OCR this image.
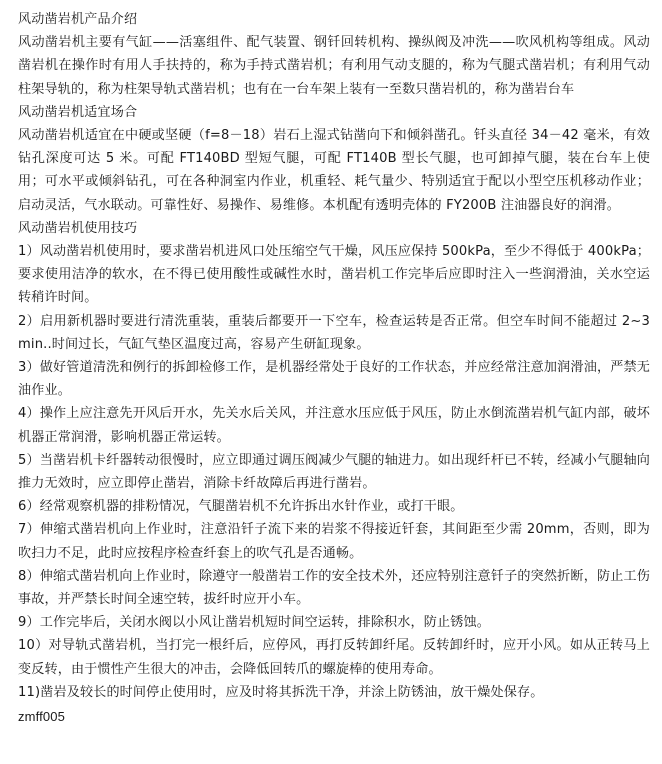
风动凿岩机产品介绍

风动凿岩机主要有气缸——活塞组件、配气装置、钢钎回转机构、操纵阀及冲洗——吹风机构等组成。风动凿岩机在操作时有用人手扶持的，称为手持式凿岩机；有利用气动支腿的，称为气腿式凿岩机；有利用气动柱架导轨的，称为柱架导轨式凿岩机；也有在一台车架上装有一至数只凿岩机的，称为凿岩台车

风动凿岩机适宜场合

风动凿岩机适宜在中硬或坚硬（f=8－18）岩石上湿式钻凿向下和倾斜凿孔。钎头直径 34－42 毫米，有效钻孔深度可达 5 米。可配 FT140BD 型短气腿，可配 FT140B 型长气腿，也可卸掉气腿，装在台车上使用；可水平或倾斜钻孔，可在各种洞室内作业，机重轻、耗气量少、特别适宜于配以小型空压机移动作业；启动灵活，气水联动。可靠性好、易操作、易维修。本机配有透明壳体的 FY200B 注油器良好的润滑。

风动凿岩机使用技巧

1）风动凿岩机使用时，要求凿岩机进风口处压缩空气干燥，风压应保持 500kPa，至少不得低于 400kPa；要求使用洁净的软水，在不得已使用酸性或碱性水时，凿岩机工作完毕后应即时注入一些润滑油，关水空运转稍许时间。

2）启用新机器时要进行清洗重装，重装后都要开一下空车，检查运转是否正常。但空车时间不能超过 2~3min..时间过长，气缸气垫区温度过高，容易产生研缸现象。

3）做好管道清洗和例行的拆卸检修工作，是机器经常处于良好的工作状态，并应经常注意加润滑油，严禁无油作业。

4）操作上应注意先开风后开水，先关水后关风，并注意水压应低于风压，防止水倒流凿岩机气缸内部，破坏机器正常润滑，影响机器正常运转。

5）当凿岩机卡纤器转动很慢时，应立即通过调压阀减少气腿的轴进力。如出现纤杆已不转，经减小气腿轴向推力无效时，应立即停止凿岩，消除卡纤故障后再进行凿岩。

6）经常观察机器的排粉情况，气腿凿岩机不允许拆出水针作业，或打干眼。

7）伸缩式凿岩机向上作业时，注意沿钎子流下来的岩浆不得接近钎套，其间距至少需 20mm，否则，即为吹扫力不足，此时应按程序检查纤套上的吹气孔是否通畅。

8）伸缩式凿岩机向上作业时，除遵守一般凿岩工作的安全技术外，还应特别注意钎子的突然折断，防止工伤事故，并严禁长时间全速空转，拔纤时应开小车。

9）工作完毕后，关闭水阀以小风让凿岩机短时间空运转，排除积水，防止锈蚀。

10）对导轨式凿岩机，当打完一根纤后，应停风，再打反转卸纤尾。反转卸纤时，应开小风。如从正转马上变反转，由于惯性产生很大的冲击，会降低回转爪的螺旋棒的使用寿命。

11)凿岩及较长的时间停止使用时，应及时将其拆洗干净，并涂上防锈油，放干燥处保存。

zmff005
